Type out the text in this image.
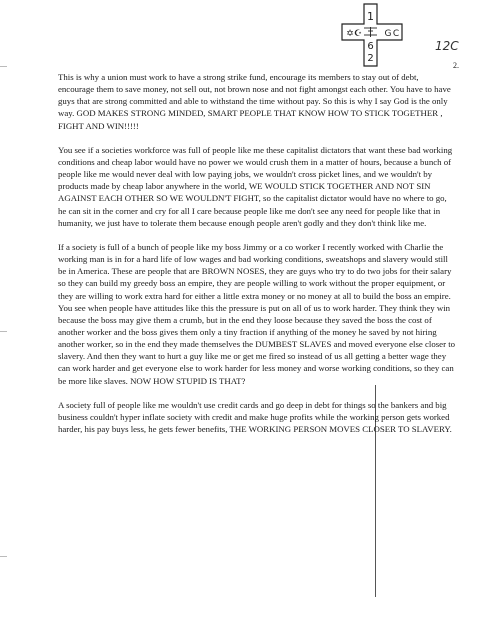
1
6
2
☪
✡	G C
12C
2.

This is why a union must work to have a strong strike fund, encourage its members to stay out of debt, encourage them to save money, not sell out, not brown nose and not fight amongst each other. You have to have guys that are strong committed and able to withstand the time without pay. So this is why I say God is the only way. GOD MAKES STRONG MINDED, SMART PEOPLE THAT KNOW HOW TO STICK TOGETHER , FIGHT AND WIN!!!!!

You see if a societies workforce was full of people like me these capitalist dictators that want these bad working conditions and cheap labor would have no power we would crush them in a matter of hours, because a bunch of people like me would never deal with low paying jobs, we wouldn't cross picket lines, and we wouldn't by products made by cheap labor anywhere in the world, WE WOULD STICK TOGETHER AND NOT SIN AGAINST EACH OTHER SO WE WOULDN'T FIGHT, so the capitalist dictator would have no where to go, he can sit in the corner and cry for all I care because people like me don't see any need for people like that in humanity, we just have to tolerate them because enough people aren't godly and they don't think like me.

If a society is full of a bunch of people like my boss Jimmy or a co worker I recently worked with Charlie the working man is in for a hard life of low wages and bad working conditions, sweatshops and slavery would still be in America. These are people that are BROWN NOSES, they are guys who try to do two jobs for their salary so they can build my greedy boss an empire, they are people willing to work without the proper equipment, or they are willing to work extra hard for either a little extra money or no money at all to build the boss an empire. You see when people have attitudes like this the pressure is put on all of us to work harder. They think they win because the boss may give them a crumb, but in the end they loose because they saved the boss the cost of another worker and the boss gives them only a tiny fraction if anything of the money he saved by not hiring another worker, so in the end they made themselves the DUMBEST SLAVES and moved everyone else closer to slavery. And then they want to hurt a guy like me or get me fired so instead of us all getting a better wage they can work harder and get everyone else to work harder for less money and worse working conditions, so they can be more like slaves. NOW HOW STUPID IS THAT?

A society full of people like me wouldn't use credit cards and go deep in debt for things so the bankers and big business couldn't hyper inflate society with credit and make huge profits while the working person gets worked harder, his pay buys less, he gets fewer benefits, THE WORKING PERSON MOVES CLOSER TO SLAVERY.
